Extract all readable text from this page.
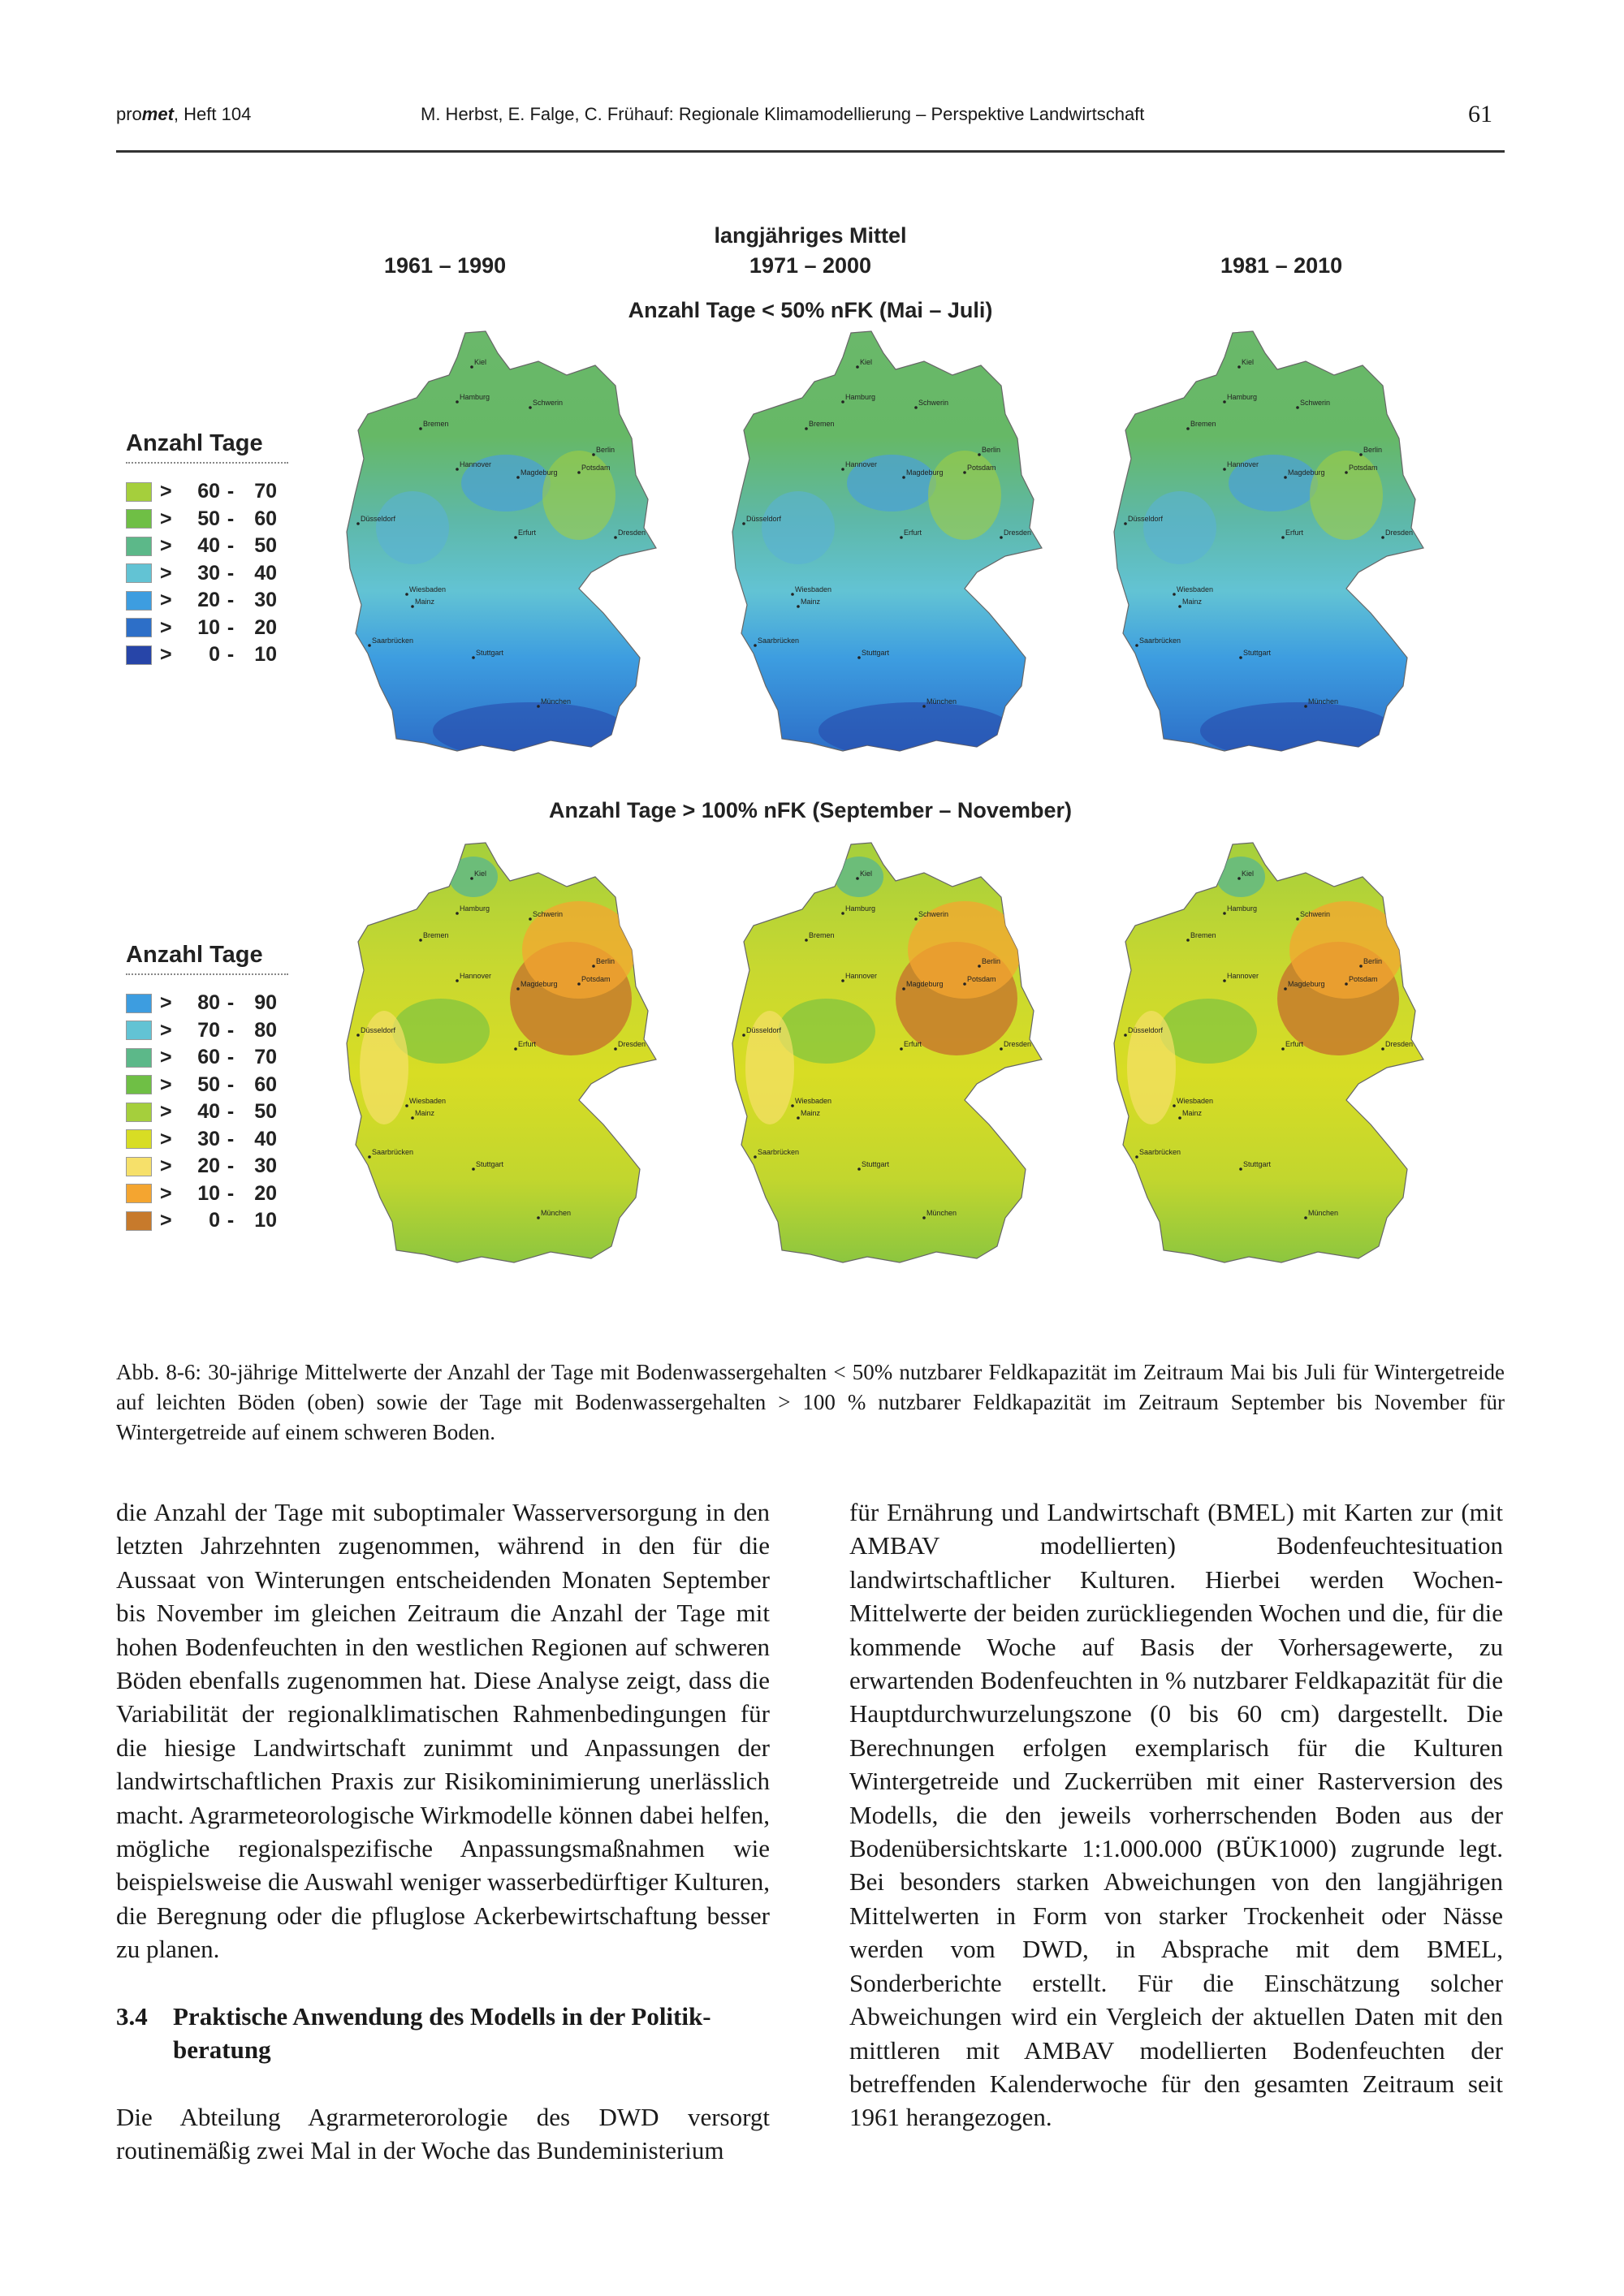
promet, Heft 104	M. Herbst, E. Falge, C. Frühauf: Regionale Klimamodellierung – Perspektive Landwirtschaft	61
langjähriges Mittel
1961 – 1990	1971 – 2000	1981 – 2010
Anzahl Tage < 50% nFK (Mai – Juli)
Anzahl Tage > 100% nFK (September – November)
Anzahl Tage
>	60 -	70
>	50 -	60
>	40 -	50
>	30 -	40
>	20 -	30
>	10 -	20
>	0 -	10
Anzahl Tage
>	80 -	90
>	70 -	80
>	60 -	70
>	50 -	60
>	40 -	50
>	30 -	40
>	20 -	30
>	10 -	20
>	0 -	10
Kiel
Hamburg
Schwerin
Bremen
Berlin
Hannover	Potsdam
Magdeburg
Düsseldorf
Erfurt	Dresden
Wiesbaden
Mainz
Saarbrücken
Stuttgart
München
Kiel
Hamburg
Schwerin
Bremen
Berlin
Hannover	Potsdam
Magdeburg
Düsseldorf
Erfurt	Dresden
Wiesbaden
Mainz
Saarbrücken
Stuttgart
München
Kiel
Hamburg
Schwerin
Bremen
Berlin
Hannover	Potsdam
Magdeburg
Düsseldorf
Erfurt	Dresden
Wiesbaden
Mainz
Saarbrücken
Stuttgart
München
Kiel
Hamburg
Schwerin
Bremen
Berlin
Hannover	Potsdam
Magdeburg
Düsseldorf
Erfurt	Dresden
Wiesbaden
Mainz
Saarbrücken
Stuttgart
München
Kiel
Hamburg
Schwerin
Bremen
Berlin
Hannover	Potsdam
Magdeburg
Düsseldorf
Erfurt	Dresden
Wiesbaden
Mainz
Saarbrücken
Stuttgart
München
Kiel
Hamburg
Schwerin
Bremen
Berlin
Hannover	Potsdam
Magdeburg
Düsseldorf
Erfurt	Dresden
Wiesbaden
Mainz
Saarbrücken
Stuttgart
München
Abb. 8-6: 30-jährige Mittelwerte der Anzahl der Tage mit Bodenwassergehalten < 50% nutzbarer Feldkapazität im Zeitraum Mai bis Juli für Wintergetreide auf leichten Böden (oben) sowie der Tage mit Bodenwassergehalten > 100 % nutzbarer Feldkapazität im Zeitraum September bis November für Wintergetreide auf einem schweren Boden.

die Anzahl der Tage mit suboptimaler Wasserversorgung in den letzten Jahrzehnten zugenommen, während in den für die Aussaat von Winterungen entscheidenden Monaten September bis November im gleichen Zeitraum die Anzahl der Tage mit hohen Bodenfeuchten in den westlichen Regionen auf schweren Böden ebenfalls zugenommen hat. Diese Analyse zeigt, dass die Variabilität der regionalklimatischen Rahmenbedingungen für die hiesige Landwirtschaft zunimmt und Anpassungen der landwirtschaftlichen Praxis zur Risikominimierung unerlässlich macht. Agrarmeteorologische Wirkmodelle können dabei helfen, mögliche regionalspezifische Anpassungsmaßnahmen wie beispielsweise die Auswahl weniger wasserbedürftiger Kulturen, die Beregnung oder die pfluglose Ackerbewirtschaftung besser zu planen.

3.4	Praktische Anwendung des Modells in der Politik-
beratung

Die Abteilung Agrarmeterorologie des DWD versorgt routinemäßig zwei Mal in der Woche das Bundeministerium

für Ernährung und Landwirtschaft (BMEL) mit Karten zur (mit AMBAV modellierten) Bodenfeuchtesituation landwirtschaftlicher Kulturen. Hierbei werden Wochen-Mittelwerte der beiden zurückliegenden Wochen und die, für die kommende Woche auf Basis der Vorhersagewerte, zu erwartenden Bodenfeuchten in % nutzbarer Feldkapazität für die Hauptdurchwurzelungszone (0 bis 60 cm) dargestellt. Die Berechnungen erfolgen exemplarisch für die Kulturen Wintergetreide und Zuckerrüben mit einer Rasterversion des Modells, die den jeweils vorherrschenden Boden aus der Bodenübersichtskarte 1:1.000.000 (BÜK1000) zugrunde legt. Bei besonders starken Abweichungen von den langjährigen Mittelwerten in Form von starker Trockenheit oder Nässe werden vom DWD, in Absprache mit dem BMEL, Sonderberichte erstellt. Für die Einschätzung solcher Abweichungen wird ein Vergleich der aktuellen Daten mit den mittleren mit AMBAV modellierten Bodenfeuchten der betreffenden Kalenderwoche für den gesamten Zeitraum seit 1961 herangezogen.
